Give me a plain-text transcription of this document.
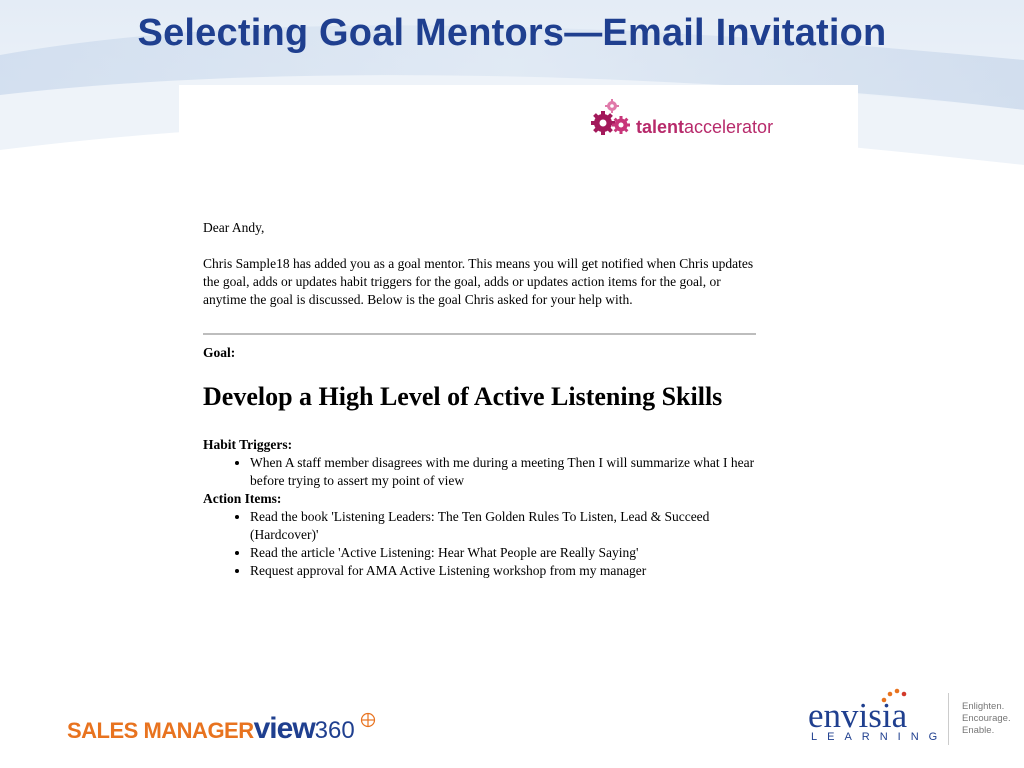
Selecting Goal Mentors—Email Invitation
talentaccelerator

Dear Andy,

Chris Sample18 has added you as a goal mentor. This means you will get notified when Chris updates the goal, adds or updates habit triggers for the goal, adds or updates action items for the goal, or anytime the goal is discussed. Below is the goal Chris asked for your help with.

Goal:

Develop a High Level of Active Listening Skills

Habit Triggers:

• When A staff member disagrees with me during a meeting Then I will summarize what I hear before trying to assert my point of view

Action Items:

• Read the book 'Listening Leaders: The Ten Golden Rules To Listen, Lead & Succeed (Hardcover)'
• Read the article 'Active Listening: Hear What People are Really Saying'
• Request approval for AMA Active Listening workshop from my manager
SALES MANAGERview360	envisia
LEARNING
Enlighten.
Encourage.
Enable.
